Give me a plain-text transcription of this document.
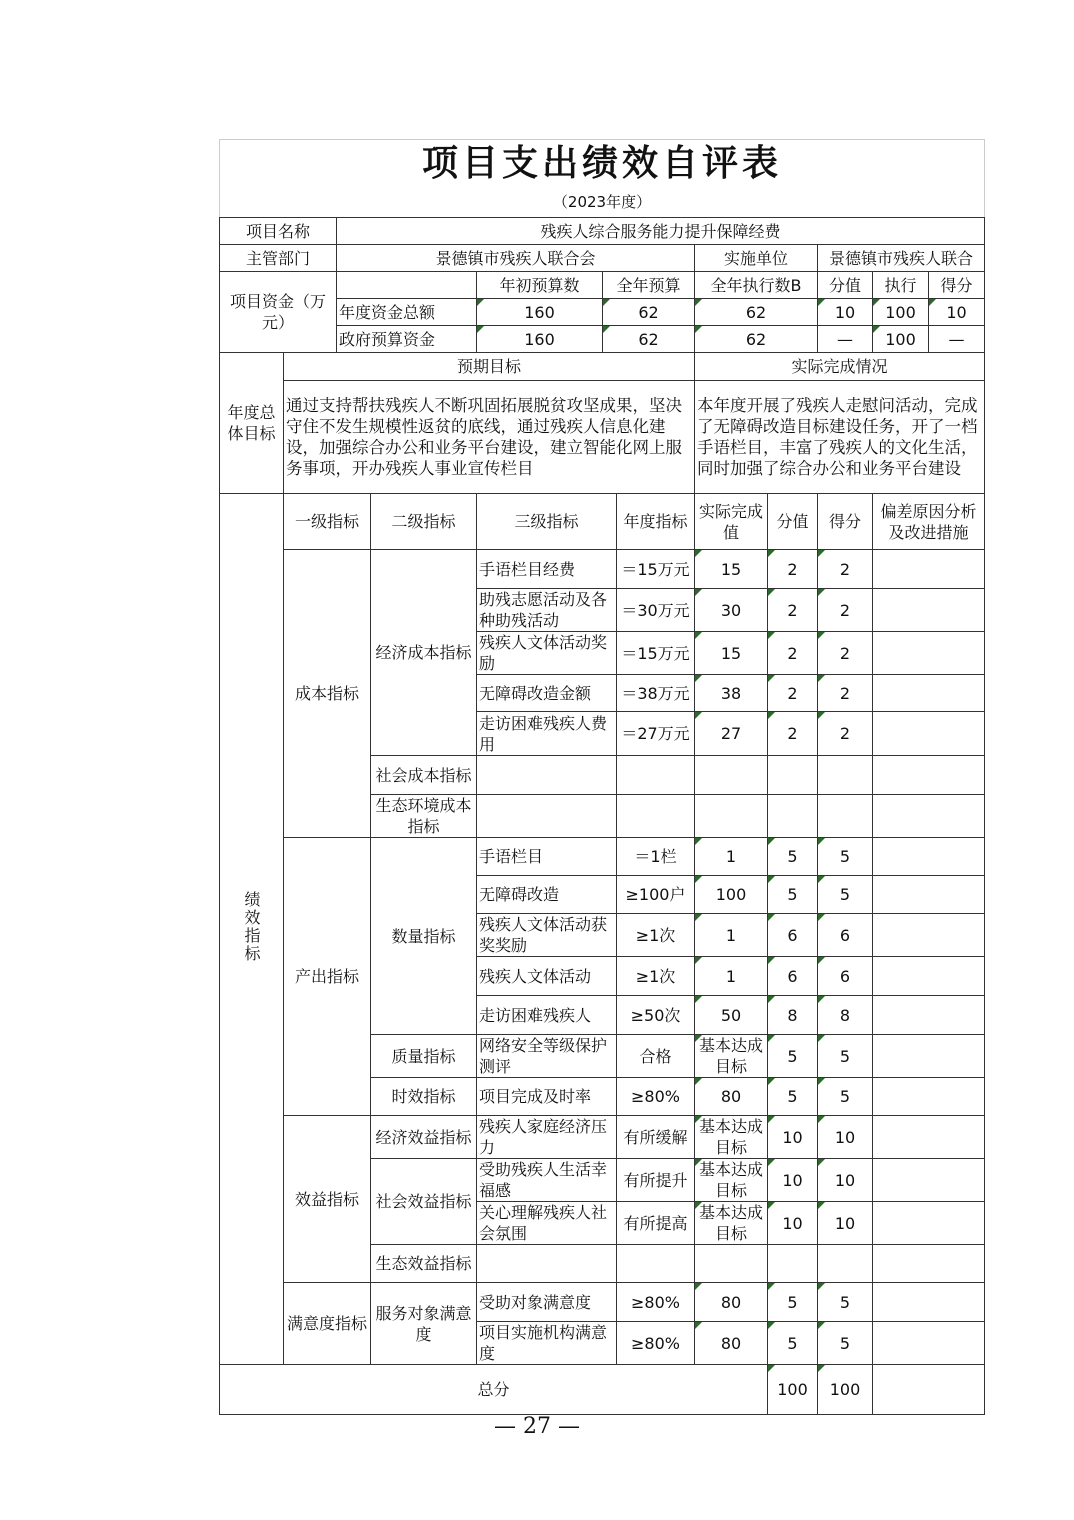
项目支出绩效自评表							
（2023年度）							
项目名称	残疾人综合服务能力提升保障经费						
主管部门	景德镇市残疾人联合会			实施单位	景德镇市残疾人联合		
项目资金（万元）		年初预算数	全年预算	全年执行数B	分值	执行	得分
	年度资金总额	160	62	62	10	100	10
	政府预算资金	160	62	62	—	100	—
年度总体目标	预期目标	实际完成情况
	通过支持帮扶残疾人不断巩固拓展脱贫攻坚成果，坚决守住不发生规模性返贫的底线，通过残疾人信息化建设，加强综合办公和业务平台建设，建立智能化网上服务事项，开办残疾人事业宣传栏目	本年度开展了残疾人走慰问活动，完成了无障碍改造目标建设任务，开了一档手语栏目，丰富了残疾人的文化生活，同时加强了综合办公和业务平台建设
绩效指标	一级指标	二级指标	三级指标	年度指标	实际完成值	分值	得分	偏差原因分析及改进措施
	成本指标	经济成本指标	手语栏目经费	＝15万元	15	2	2	
			助残志愿活动及各种助残活动	＝30万元	30	2	2	
			残疾人文体活动奖励	＝15万元	15	2	2	
			无障碍改造金额	＝38万元	38	2	2	
			走访困难残疾人费用	＝27万元	27	2	2	
		社会成本指标						
		生态环境成本指标						
	产出指标	数量指标	手语栏目	＝1栏	1	5	5	
			无障碍改造	≥100户	100	5	5	
			残疾人文体活动获奖奖励	≥1次	1	6	6	
			残疾人文体活动	≥1次	1	6	6	
			走访困难残疾人	≥50次	50	8	8	
		质量指标	网络安全等级保护测评	合格	基本达成目标	5	5	
		时效指标	项目完成及时率	≥80%	80	5	5	
	效益指标	经济效益指标	残疾人家庭经济压力	有所缓解	基本达成目标	10	10	
		社会效益指标	受助残疾人生活幸福感	有所提升	基本达成目标	10	10	
			关心理解残疾人社会氛围	有所提高	基本达成目标	10	10	
		生态效益指标						
	满意度指标	服务对象满意度	受助对象满意度	≥80%	80	5	5	
			项目实施机构满意度	≥80%	80	5	5	
总分						100	100	
— 27 —
